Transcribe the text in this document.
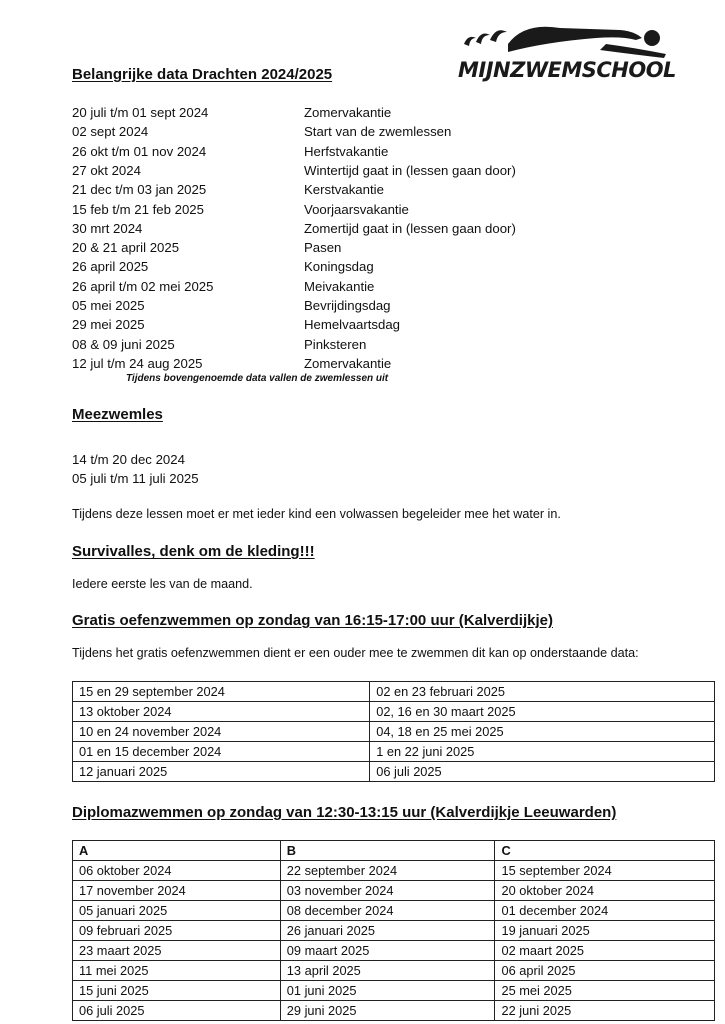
MIJNZWEMSCHOOL
Belangrijke data Drachten 2024/2025
20 juli t/m 01 sept 2024	Zomervakantie
02 sept 2024	Start van de zwemlessen
26 okt t/m 01 nov 2024	Herfstvakantie
27 okt 2024	Wintertijd gaat in (lessen gaan door)
21 dec t/m 03 jan 2025	Kerstvakantie
15 feb t/m 21 feb 2025	Voorjaarsvakantie
30 mrt 2024	Zomertijd gaat in (lessen gaan door)
20 & 21 april 2025	Pasen
26 april 2025	Koningsdag
26 april t/m 02 mei 2025	Meivakantie
05 mei 2025	Bevrijdingsdag
29 mei 2025	Hemelvaartsdag
08 & 09 juni 2025	Pinksteren
12 jul t/m 24 aug 2025	Zomervakantie
Tijdens bovengenoemde data vallen de zwemlessen uit
Meezwemles
14 t/m 20 dec 2024
05 juli t/m 11 juli 2025
Tijdens deze lessen moet er met ieder kind een volwassen begeleider mee het water in.
Survivalles, denk om de kleding!!!
Iedere eerste les van de maand.
Gratis oefenzwemmen op zondag van 16:15-17:00 uur (Kalverdijkje)
Tijdens het gratis oefenzwemmen dient er een ouder mee te zwemmen dit kan op onderstaande data:
15 en 29 september 2024	02 en 23 februari 2025
13 oktober 2024	02, 16 en 30 maart 2025
10 en 24 november 2024	04, 18 en 25 mei 2025
01 en 15 december 2024	1 en 22 juni 2025
12 januari 2025	06 juli 2025
Diplomazwemmen op zondag van 12:30-13:15 uur (Kalverdijkje Leeuwarden)
A	B	C
06 oktober 2024	22 september 2024	15 september 2024
17 november 2024	03 november 2024	20 oktober 2024
05 januari 2025	08 december 2024	01 december 2024
09 februari 2025	26 januari 2025	19 januari 2025
23 maart 2025	09 maart 2025	02 maart 2025
11 mei 2025	13 april 2025	06 april 2025
15 juni 2025	01 juni 2025	25 mei 2025
06 juli 2025	29 juni 2025	22 juni 2025
